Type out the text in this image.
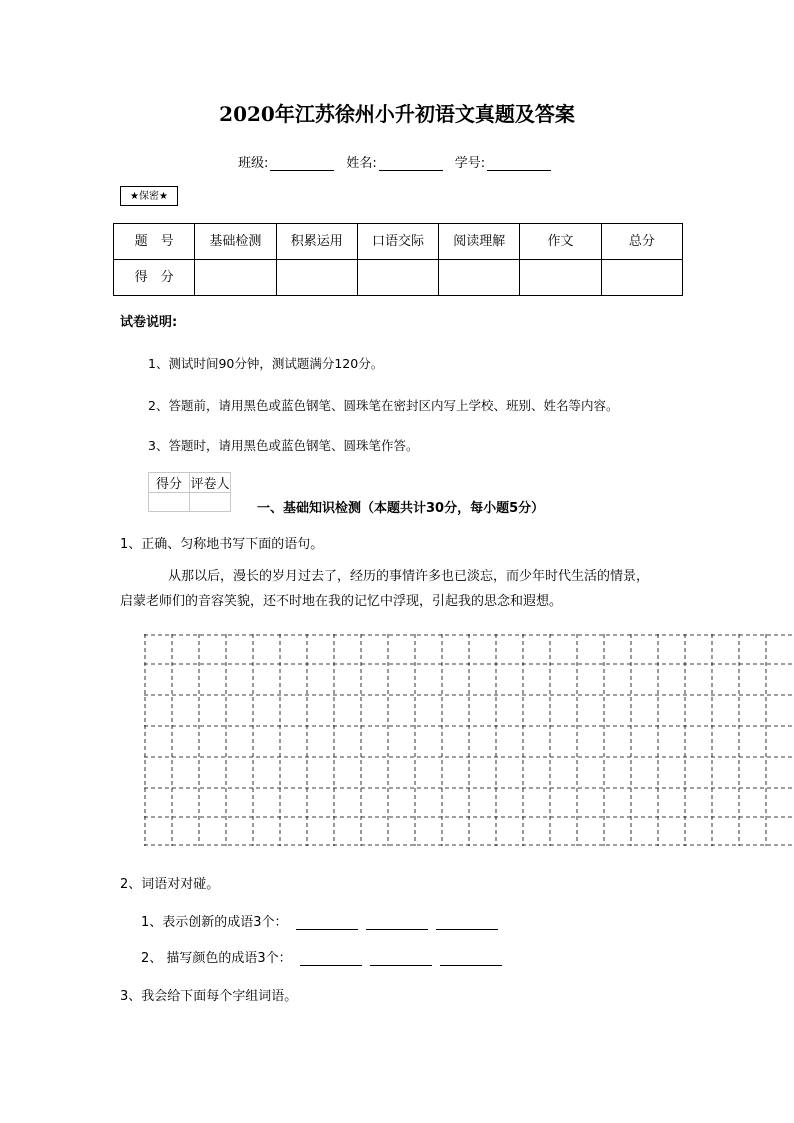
2020年江苏徐州小升初语文真题及答案
班级:	姓名:	学号:
★保密★
题　号	基础检测	积累运用	口语交际	阅读理解	作文	总分
得　分						
试卷说明:
1、测试时间90分钟，测试题满分120分。
2、答题前，请用黑色或蓝色钢笔、圆珠笔在密封区内写上学校、班别、姓名等内容。
3、答题时，请用黑色或蓝色钢笔、圆珠笔作答。
得分	评卷人

一、基础知识检测（本题共计30分，每小题5分）
1、正确、匀称地书写下面的语句。
从那以后，漫长的岁月过去了，经历的事情许多也已淡忘，而少年时代生活的情景，
启蒙老师们的音容笑貌，还不时地在我的记忆中浮现，引起我的思念和遐想。
2、词语对对碰。
1、表示创新的成语3个：
2、 描写颜色的成语3个：
3、我会给下面每个字组词语。
